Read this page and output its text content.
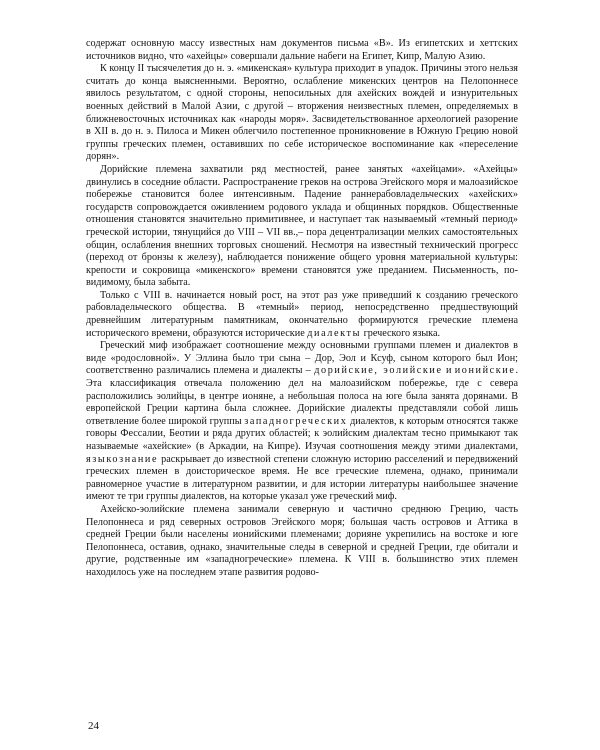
содержат основную массу известных нам документов письма «В». Из египетских и хеттских источников видно, что «ахейцы» совершали дальние набеги на Египет, Кипр, Малую Азию.

К концу II тысячелетия до н. э. «микенская» культура приходит в упадок. Причины этого нельзя считать до конца выясненными. Вероятно, ослабление микенских центров на Пелопоннесе явилось результатом, с одной стороны, непосильных для ахейских вождей и изнурительных военных действий в Малой Азии, с другой – вторжения неизвестных племен, определяемых в ближневосточных источниках как «народы моря». Засвидетельствованное археологией разорение в XII в. до н. э. Пилоса и Микен облегчило постепенное проникновение в Южную Грецию новой группы греческих племен, оставивших по себе историческое воспоминание как «переселение дорян».

Дорийские племена захватили ряд местностей, ранее занятых «ахейцами». «Ахейцы» двинулись в соседние области. Распространение греков на острова Эгейского моря и малоазийское побережье становится более интенсивным. Падение раннерабовладельческих «ахейских» государств сопровождается оживлением родового уклада и общинных порядков. Общественные отношения становятся значительно примитивнее, и наступает так называемый «темный период» греческой истории, тянущийся до VIII – VII вв.,– пора децентрализации мелких самостоятельных общин, ослабления внешних торговых сношений. Несмотря на известный технический прогресс (переход от бронзы к железу), наблюдается понижение общего уровня материальной культуры: крепости и сокровища «микенского» времени становятся уже преданием. Письменность, по-видимому, была забыта.

Только с VIII в. начинается новый рост, на этот раз уже приведший к созданию греческого рабовладельческого общества. В «темный» период, непосредственно предшествующий древнейшим литературным памятникам, окончательно формируются греческие племена исторического времени, образуются исторические диалекты греческого языка.

Греческий миф изображает соотношение между основными группами племен и диалектов в виде «родословной». У Эллина было три сына – Дор, Эол и Ксуф, сыном которого был Ион; соответственно различались племена и диалекты – дорийские, эолийские и ионийские. Эта классификация отвечала положению дел на малоазийском побережье, где с севера расположились эолийцы, в центре ионяне, а небольшая полоса на юге была занята дорянами. В европейской Греции картина была сложнее. Дорийские диалекты представляли собой лишь ответвление более широкой группы западногреческих диалектов, к которым относятся также говоры Фессалии, Беотии и ряда других областей; к эолийским диалектам тесно примыкают так называемые «ахейские» (в Аркадии, на Кипре). Изучая соотношения между этими диалектами, языкознание раскрывает до известной степени сложную историю расселений и передвижений греческих племен в доисторическое время. Не все греческие племена, однако, принимали равномерное участие в литературном развитии, и для истории литературы наибольшее значение имеют те три группы диалектов, на которые указал уже греческий миф.

Ахейско-эолийские племена занимали северную и частично среднюю Грецию, часть Пелопоннеса и ряд северных островов Эгейского моря; большая часть островов и Аттика в средней Греции были населены ионийскими племенами; дорияне укрепились на востоке и юге Пелопоннеса, оставив, однако, значительные следы в северной и средней Греции, где обитали и другие, родственные им «западногреческие» племена. К VIII в. большинство этих племен находилось уже на последнем этапе развития родово-

24
